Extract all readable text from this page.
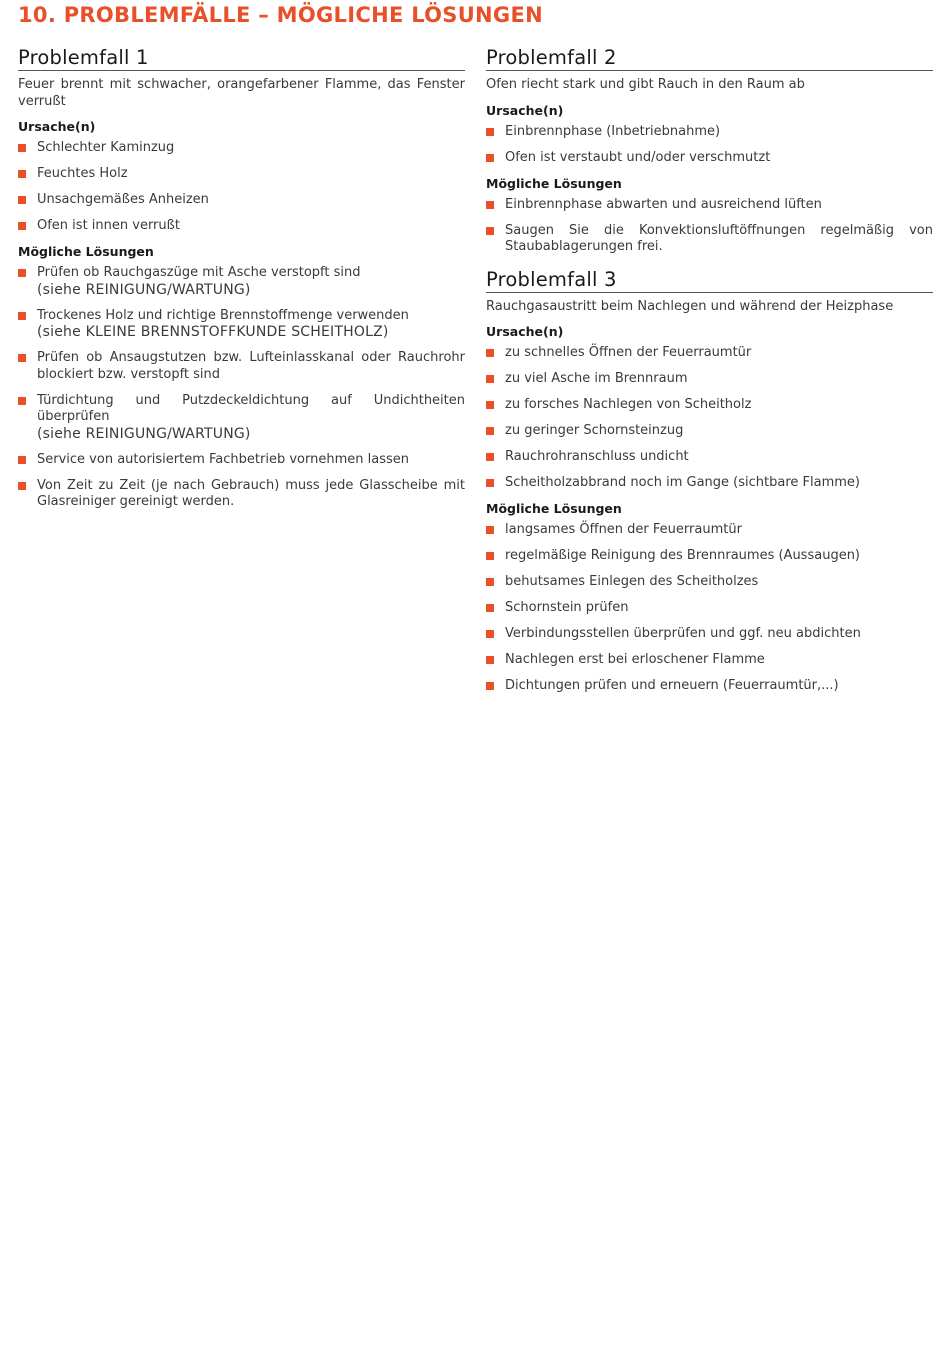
10. PROBLEMFÄLLE – MÖGLICHE LÖSUNGEN
Problemfall 1

Feuer brennt mit schwacher, orangefarbener Flamme, das Fenster verrußt

Ursache(n)
Schlechter Kaminzug
Feuchtes Holz
Unsachgemäßes Anheizen
Ofen ist innen verrußt
Mögliche Lösungen
Prüfen ob Rauchgaszüge mit Asche verstopft sind
(siehe REINIGUNG/WARTUNG)
Trockenes Holz und richtige Brennstoffmenge verwenden
(siehe KLEINE BRENNSTOFFKUNDE SCHEITHOLZ)
Prüfen ob Ansaugstutzen bzw. Lufteinlasskanal oder Rauchrohr blockiert bzw. verstopft sind
Türdichtung und Putzdeckeldichtung auf Undichtheiten überprüfen
(siehe REINIGUNG/WARTUNG)
Service von autorisiertem Fachbetrieb vornehmen lassen
Von Zeit zu Zeit (je nach Gebrauch) muss jede Glasscheibe mit Glasreiniger gereinigt werden.
Problemfall 2

Ofen riecht stark und gibt Rauch in den Raum ab

Ursache(n)
Einbrennphase (Inbetriebnahme)
Ofen ist verstaubt und/oder verschmutzt
Mögliche Lösungen
Einbrennphase abwarten und ausreichend lüften
Saugen Sie die Konvektionsluftöffnungen regelmäßig von Staubablagerungen frei.
Problemfall 3

Rauchgasaustritt beim Nachlegen und während der Heizphase

Ursache(n)
zu schnelles Öffnen der Feuerraumtür
zu viel Asche im Brennraum
zu forsches Nachlegen von Scheitholz
zu geringer Schornsteinzug
Rauchrohranschluss undicht
Scheitholzabbrand noch im Gange (sichtbare Flamme)
Mögliche Lösungen
langsames Öffnen der Feuerraumtür
regelmäßige Reinigung des Brennraumes (Aussaugen)
behutsames Einlegen des Scheitholzes
Schornstein prüfen
Verbindungsstellen überprüfen und ggf. neu abdichten
Nachlegen erst bei erloschener Flamme
Dichtungen prüfen und erneuern (Feuerraumtür,...)
